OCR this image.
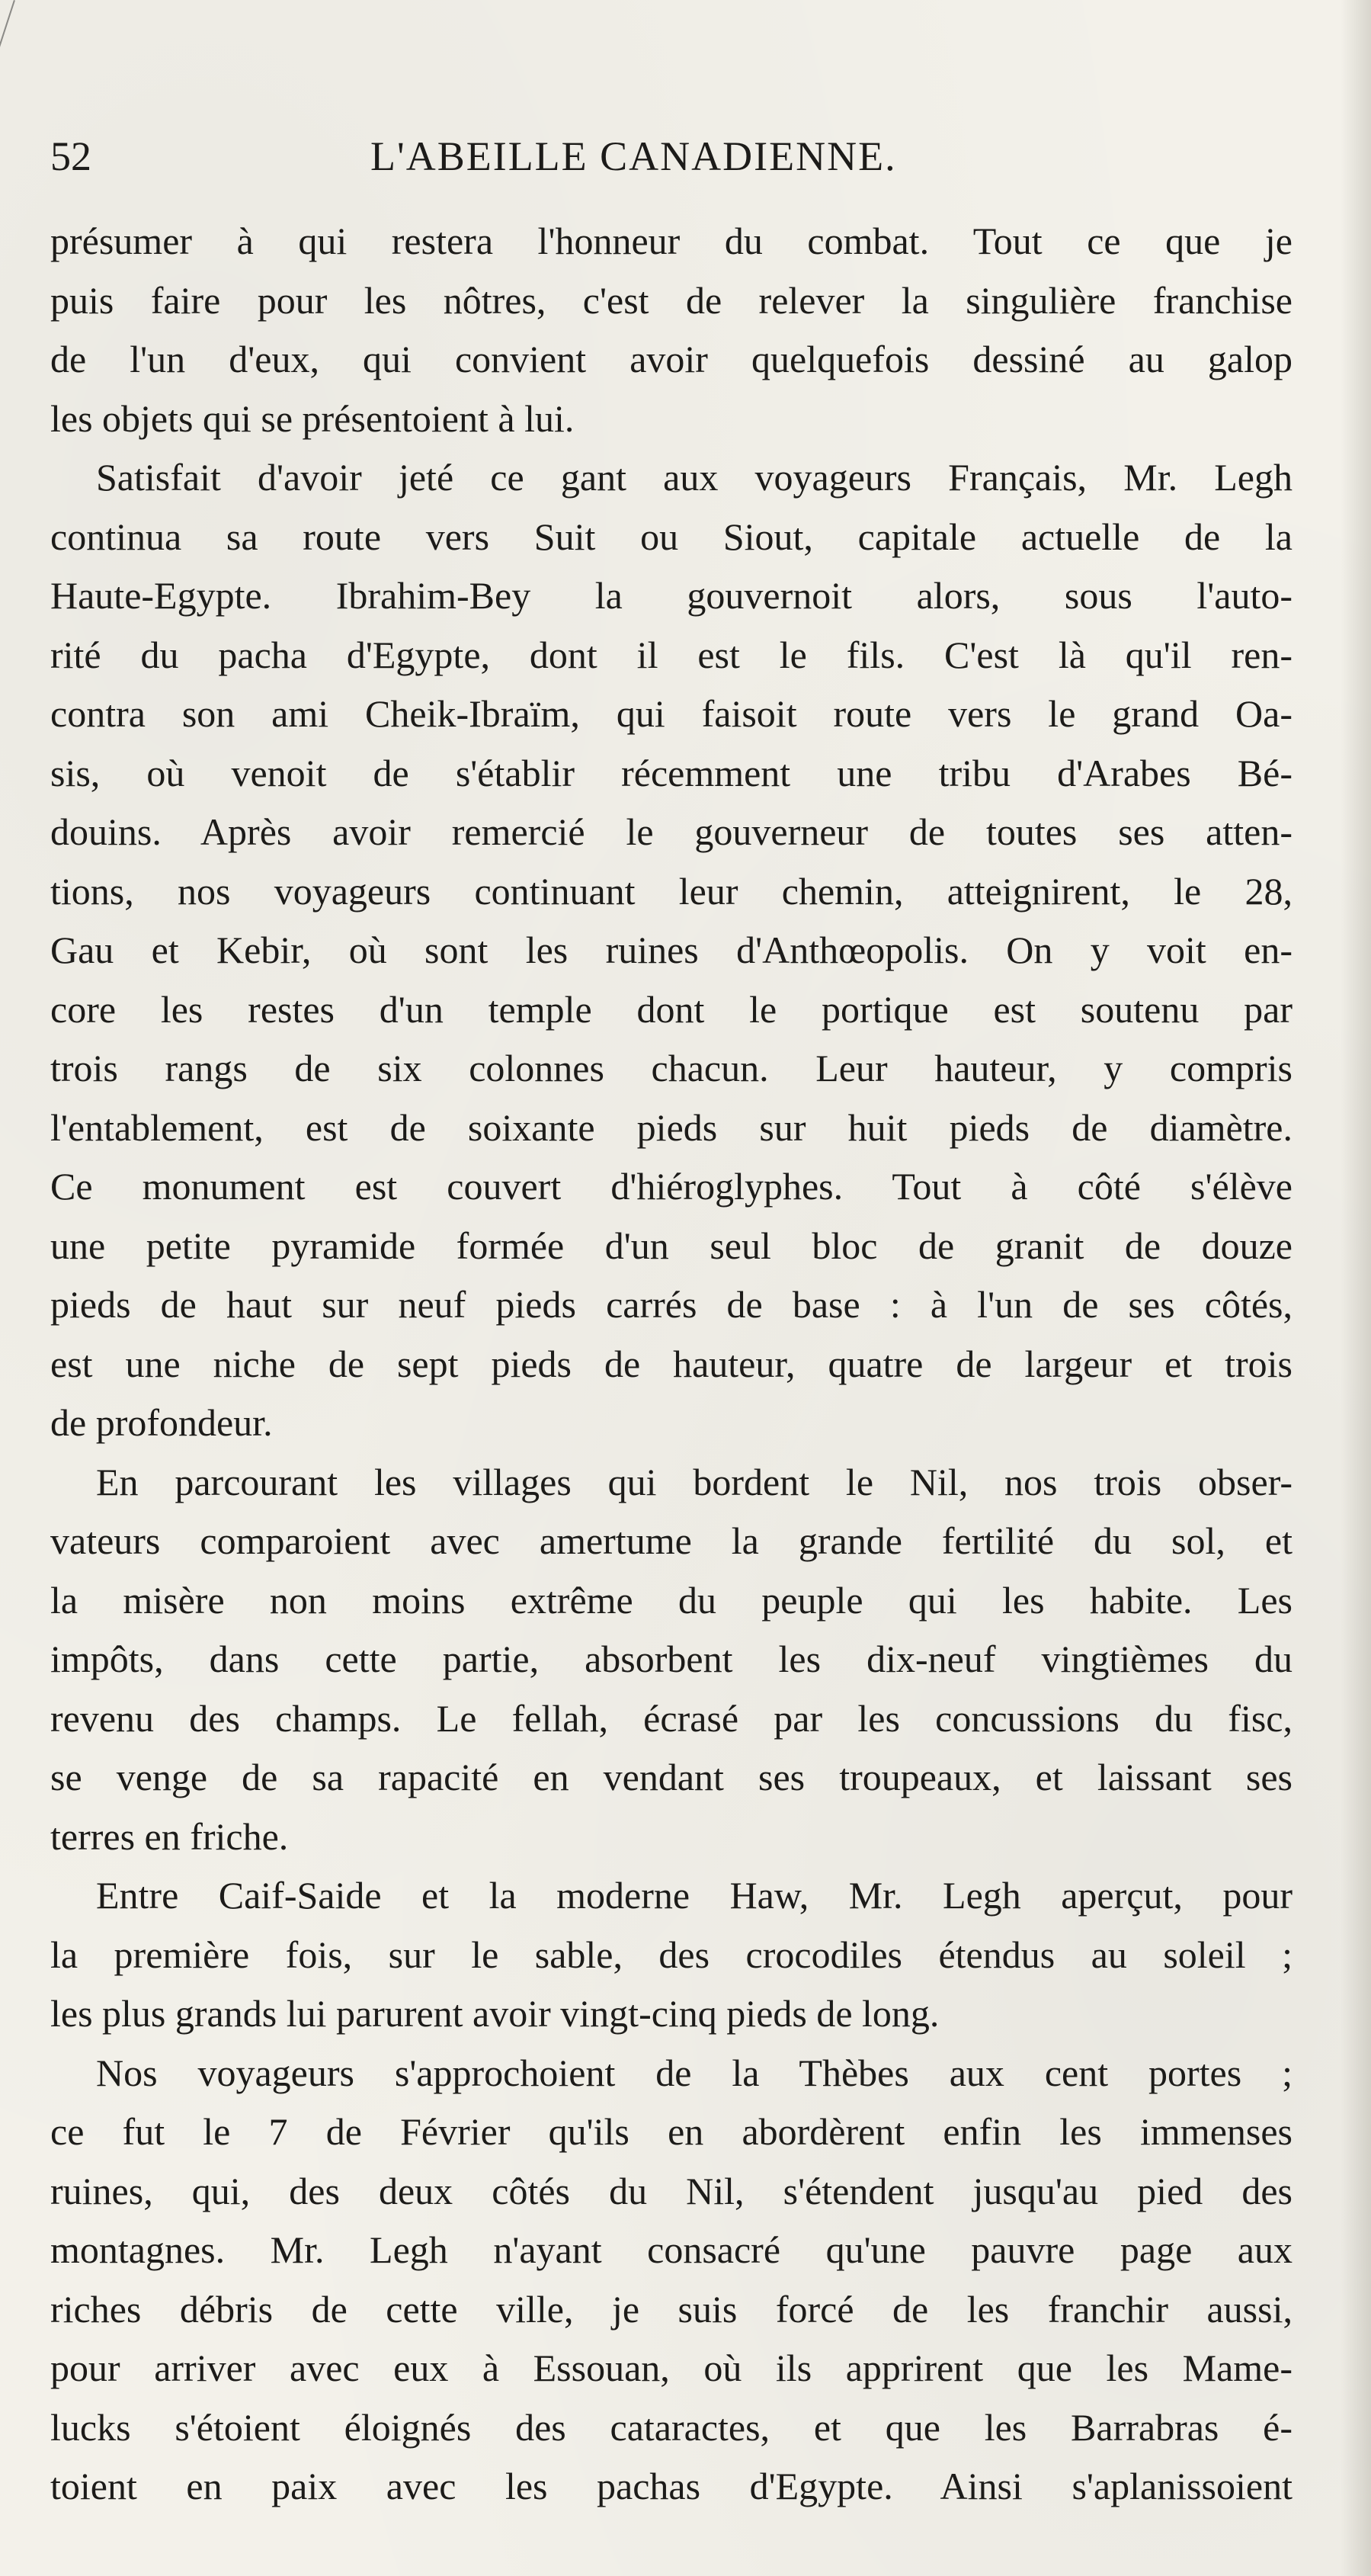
52	L'ABEILLE CANADIENNE.
présumer à qui restera l'honneur du combat. Tout ce que je
puis faire pour les nôtres, c'est de relever la singulière franchise
de l'un d'eux, qui convient avoir quelquefois dessiné au galop
les objets qui se présentoient à lui.
Satisfait d'avoir jeté ce gant aux voyageurs Français, Mr. Legh
continua sa route vers Suit ou Siout, capitale actuelle de la
Haute-Egypte. Ibrahim-Bey la gouvernoit alors, sous l'auto-
rité du pacha d'Egypte, dont il est le fils. C'est là qu'il ren-
contra son ami Cheik-Ibraïm, qui faisoit route vers le grand Oa-
sis, où venoit de s'établir récemment une tribu d'Arabes Bé-
douins. Après avoir remercié le gouverneur de toutes ses atten-
tions, nos voyageurs continuant leur chemin, atteignirent, le 28,
Gau et Kebir, où sont les ruines d'Anthœopolis. On y voit en-
core les restes d'un temple dont le portique est soutenu par
trois rangs de six colonnes chacun. Leur hauteur, y compris
l'entablement, est de soixante pieds sur huit pieds de diamètre.
Ce monument est couvert d'hiéroglyphes. Tout à côté s'élève
une petite pyramide formée d'un seul bloc de granit de douze
pieds de haut sur neuf pieds carrés de base : à l'un de ses côtés,
est une niche de sept pieds de hauteur, quatre de largeur et trois
de profondeur.
En parcourant les villages qui bordent le Nil, nos trois obser-
vateurs comparoient avec amertume la grande fertilité du sol, et
la misère non moins extrême du peuple qui les habite. Les
impôts, dans cette partie, absorbent les dix-neuf vingtièmes du
revenu des champs. Le fellah, écrasé par les concussions du fisc,
se venge de sa rapacité en vendant ses troupeaux, et laissant ses
terres en friche.
Entre Caif-Saide et la moderne Haw, Mr. Legh aperçut, pour
la première fois, sur le sable, des crocodiles étendus au soleil ;
les plus grands lui parurent avoir vingt-cinq pieds de long.
Nos voyageurs s'approchoient de la Thèbes aux cent portes ;
ce fut le 7 de Février qu'ils en abordèrent enfin les immenses
ruines, qui, des deux côtés du Nil, s'étendent jusqu'au pied des
montagnes. Mr. Legh n'ayant consacré qu'une pauvre page aux
riches débris de cette ville, je suis forcé de les franchir aussi,
pour arriver avec eux à Essouan, où ils apprirent que les Mame-
lucks s'étoient éloignés des cataractes, et que les Barrabras é-
toient en paix avec les pachas d'Egypte. Ainsi s'aplanissoient
